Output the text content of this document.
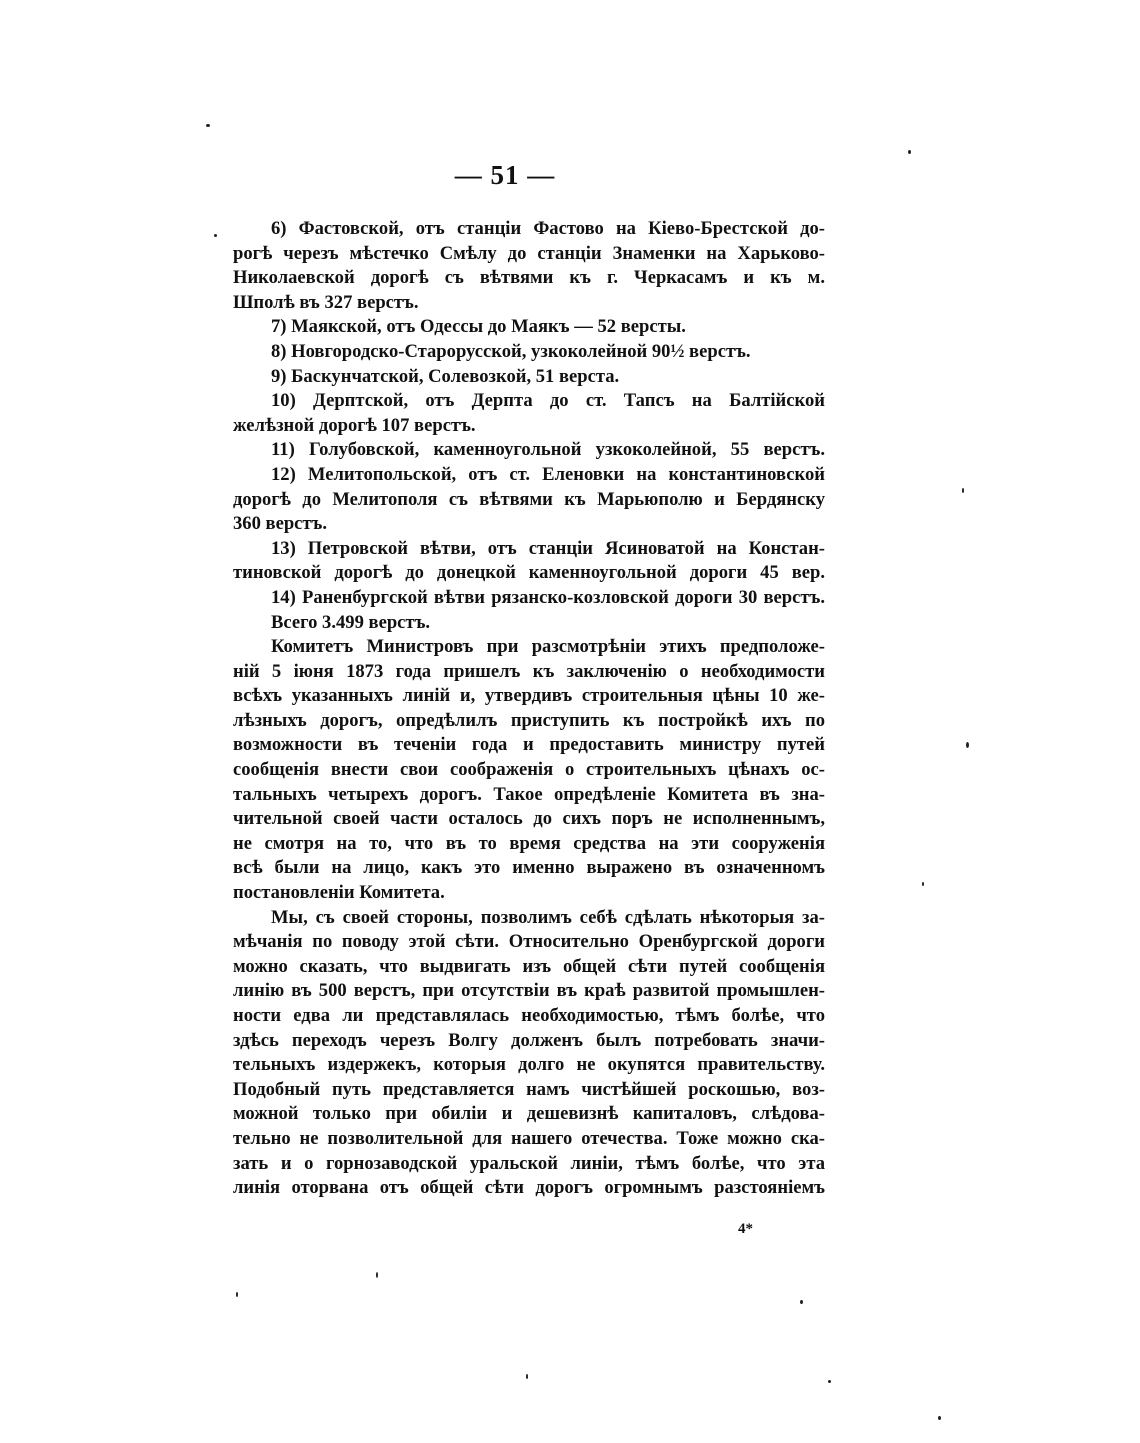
— 51 —
6) Фастовской, отъ станціи Фастово на Кіево-Брестской до-
рогѣ черезъ мѣстечко Смѣлу до станціи Знаменки на Харьково-
Николаевской дорогѣ съ вѣтвями къ г. Черкасамъ и къ м.
Шполѣ въ 327 верстъ.
7) Маякской, отъ Одессы до Маякъ — 52 версты.
8) Новгородско-Старорусской, узкоколейной 90½ верстъ.
9) Баскунчатской, Солевозкой, 51 верста.
10) Дерптской, отъ Дерпта до ст. Тапсъ на Балтійской
желѣзной дорогѣ 107 верстъ.
11) Голубовской, каменноугольной узкоколейной, 55 верстъ.
12) Мелитопольской, отъ ст. Еленовки на константиновской
дорогѣ до Мелитополя съ вѣтвями къ Марьюполю и Бердянску
360 верстъ.
13) Петровской вѣтви, отъ станціи Ясиноватой на Констан-
тиновской дорогѣ до донецкой каменноугольной дороги 45 вер.
14) Раненбургской вѣтви рязанско-козловской дороги 30 верстъ.
Всего 3.499 верстъ.
Комитетъ Министровъ при разсмотрѣніи этихъ предположе-
ній 5 іюня 1873 года пришелъ къ заключенію о необходимости
всѣхъ указанныхъ линій и, утвердивъ строительныя цѣны 10 же-
лѣзныхъ дорогъ, опредѣлилъ приступить къ постройкѣ ихъ по
возможности въ теченіи года и предоставить министру путей
сообщенія внести свои соображенія о строительныхъ цѣнахъ ос-
тальныхъ четырехъ дорогъ. Такое опредѣленіе Комитета въ зна-
чительной своей части осталось до сихъ поръ не исполненнымъ,
не смотря на то, что въ то время средства на эти сооруженія
всѣ были на лицо, какъ это именно выражено въ означенномъ
постановленіи Комитета.
Мы, съ своей стороны, позволимъ себѣ сдѣлать нѣкоторыя за-
мѣчанія по поводу этой сѣти. Относительно Оренбургской дороги
можно сказать, что выдвигать изъ общей сѣти путей сообщенія
линію въ 500 верстъ, при отсутствіи въ краѣ развитой промышлен-
ности едва ли представлялась необходимостью, тѣмъ болѣе, что
здѣсь переходъ черезъ Волгу долженъ былъ потребовать значи-
тельныхъ издержекъ, которыя долго не окупятся правительству.
Подобный путь представляется намъ чистѣйшей роскошью, воз-
можной только при обиліи и дешевизнѣ капиталовъ, слѣдова-
тельно не позволительной для нашего отечества. Тоже можно ска-
зать и о горнозаводской уральской линіи, тѣмъ болѣе, что эта
линія оторвана отъ общей сѣти дорогъ огромнымъ разстояніемъ
4*
